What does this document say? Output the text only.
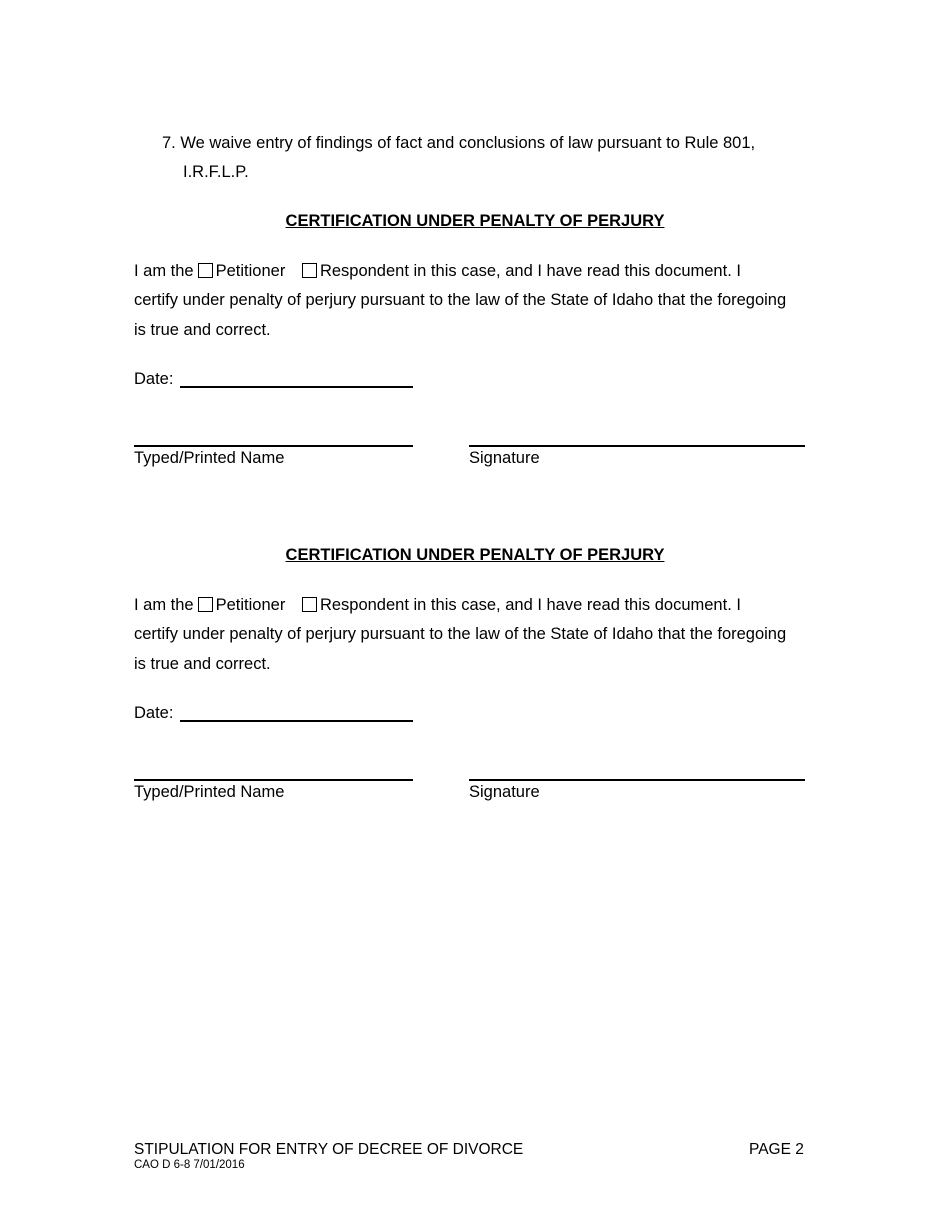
7. We waive entry of findings of fact and conclusions of law pursuant to Rule 801,
I.R.F.L.P.
CERTIFICATION UNDER PENALTY OF PERJURY
I am the Petitioner Respondent in this case, and I have read this document. I
certify under penalty of perjury pursuant to the law of the State of Idaho that the foregoing
is true and correct.
Date:
Typed/Printed Name	Signature
CERTIFICATION UNDER PENALTY OF PERJURY
I am the Petitioner Respondent in this case, and I have read this document. I
certify under penalty of perjury pursuant to the law of the State of Idaho that the foregoing
is true and correct.
Date:
Typed/Printed Name	Signature
STIPULATION FOR ENTRY OF DECREE OF DIVORCE
CAO D 6-8 7/01/2016
PAGE 2
